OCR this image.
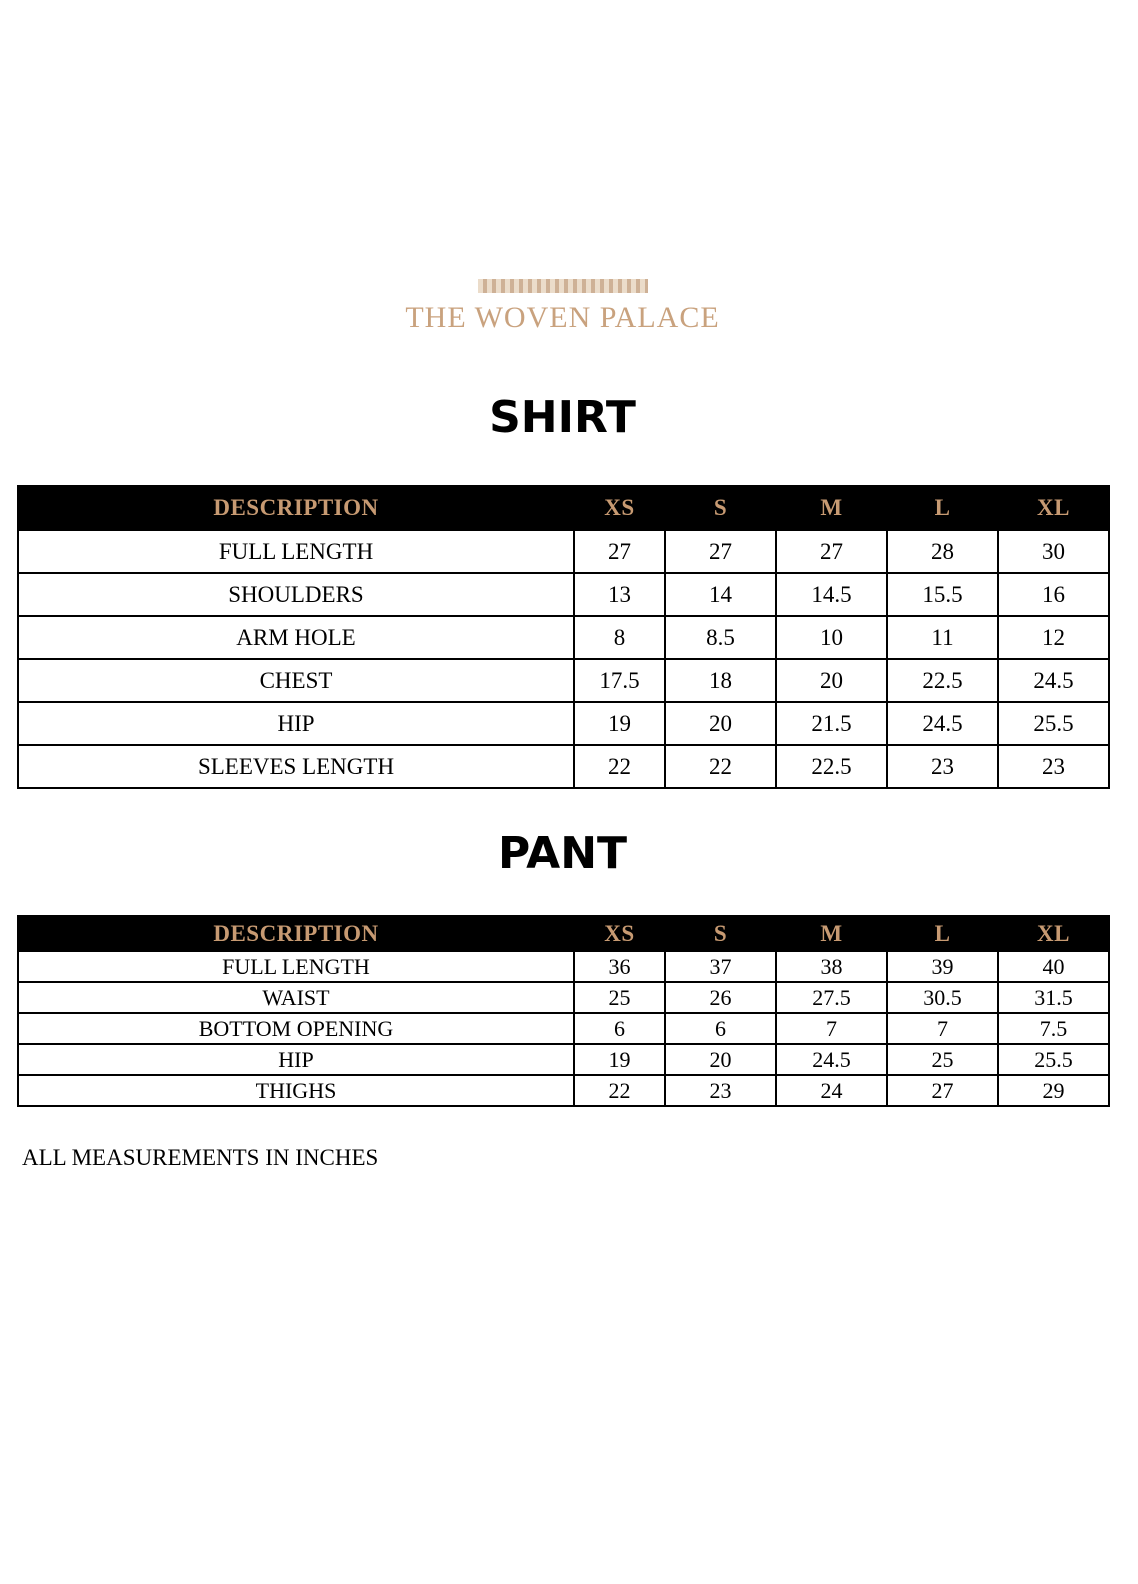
THE WOVEN PALACE
SHIRT
DESCRIPTION	XS	S	M	L	XL
FULL LENGTH	27	27	27	28	30
SHOULDERS	13	14	14.5	15.5	16
ARM HOLE	8	8.5	10	11	12
CHEST	17.5	18	20	22.5	24.5
HIP	19	20	21.5	24.5	25.5
SLEEVES LENGTH	22	22	22.5	23	23
PANT
DESCRIPTION	XS	S	M	L	XL
FULL LENGTH	36	37	38	39	40
WAIST	25	26	27.5	30.5	31.5
BOTTOM OPENING	6	6	7	7	7.5
HIP	19	20	24.5	25	25.5
THIGHS	22	23	24	27	29
ALL MEASUREMENTS IN INCHES
